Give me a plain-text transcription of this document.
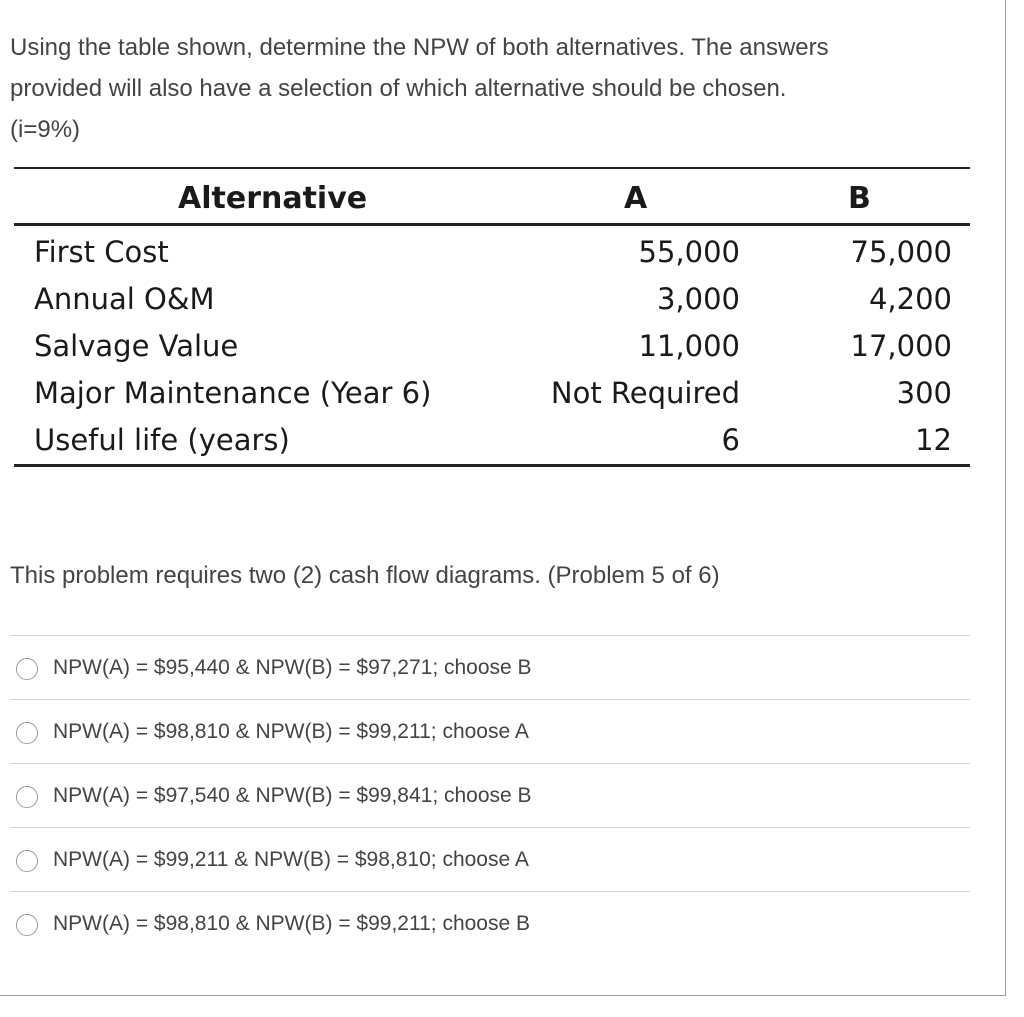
Using the table shown, determine the NPW of both alternatives. The answers provided will also have a selection of which alternative should be chosen. (i=9%)

Alternative	A	B
First Cost	55,000	75,000
Annual O&M	3,000	4,200
Salvage Value	11,000	17,000
Major Maintenance (Year 6)	Not Required	300
Useful life (years)	6	12

This problem requires two (2) cash flow diagrams. (Problem 5 of 6)

NPW(A) = $95,440 & NPW(B) = $97,271; choose B
NPW(A) = $98,810 & NPW(B) = $99,211; choose A
NPW(A) = $97,540 & NPW(B) = $99,841; choose B
NPW(A) = $99,211 & NPW(B) = $98,810; choose A
NPW(A) = $98,810 & NPW(B) = $99,211; choose B
